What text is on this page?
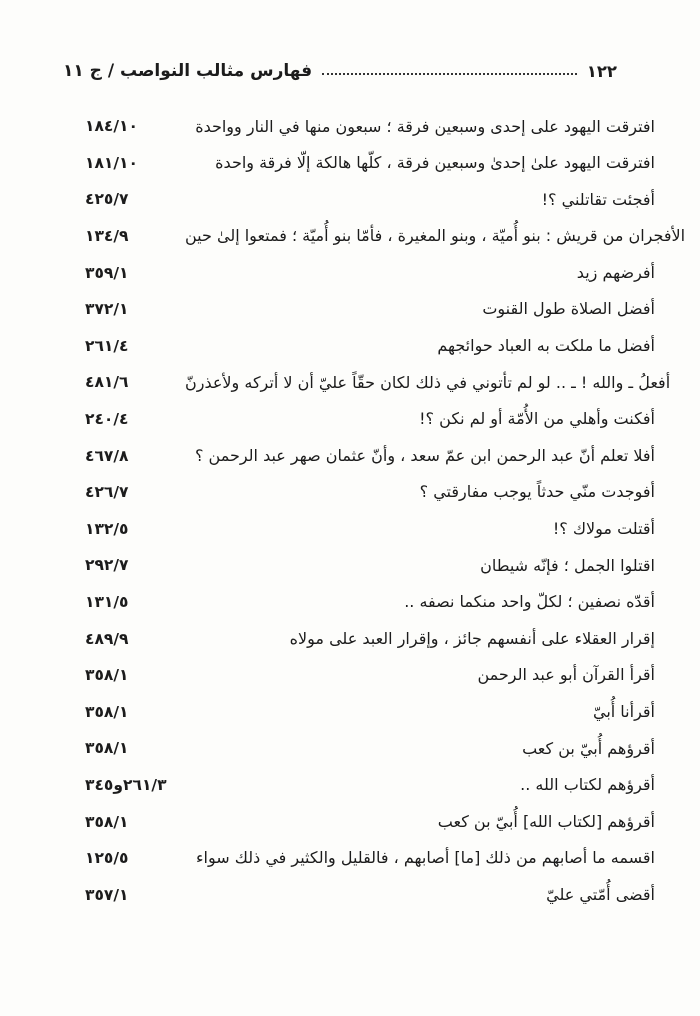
فهارس مثالب النواصب / ج ١١	١٢٢
١٨٤/١٠	افترقت اليهود على إحدى وسبعين فرقة ؛ سبعون منها في النار وواحدة
١٨١/١٠	افترقت اليهود علىٰ إحدىٰ وسبعين فرقة ، كلّها هالكة إلّا فرقة واحدة
٤٢٥/٧	أفجئت تقاتلني ؟!
١٣٤/٩	الأفجران من قريش : بنو أُميّة ، وبنو المغيرة ، فأمّا بنو أُميّة ؛ فمتعوا إلىٰ حين
٣٥٩/١	أفرضهم زيد
٣٧٢/١	أفضل الصلاة طول القنوت
٢٦١/٤	أفضل ما ملكت به العباد حوائجهم
٤٨١/٦	أفعلُ ـ والله ! ـ .. لو لم تأتوني في ذلك لكان حقّاً عليّ أن لا أتركه ولأعذرنّ
٢٤٠/٤	أفكنت وأهلي من الأُمّة أو لم نكن ؟!
٤٦٧/٨	أفلا تعلم أنّ عبد الرحمن ابن عمّ سعد ، وأنّ عثمان صهر عبد الرحمن ؟
٤٢٦/٧	أفوجدت منّي حدثاً يوجب مفارقتي ؟
١٣٢/٥	أقتلت مولاك ؟!
٢٩٢/٧	اقتلوا الجمل ؛ فإنّه شيطان
١٣١/٥	أقدّه نصفين ؛ لكلّ واحد منكما نصفه ..
٤٨٩/٩	إقرار العقلاء على أنفسهم جائز ، وإقرار العبد على مولاه
٣٥٨/١	أقرأ القرآن أبو عبد الرحمن
٣٥٨/١	أقرأنا أُبيّ
٣٥٨/١	أقرؤهم أُبيّ بن كعب
٢٦١/٣و٣٤٥	أقرؤهم لكتاب الله ..
٣٥٨/١	أقرؤهم [لكتاب الله] أُبيّ بن كعب
١٢٥/٥	اقسمه ما أصابهم من ذلك [ما] أصابهم ، فالقليل والكثير في ذلك سواء
٣٥٧/١	أقضى أُمّتي عليّ
